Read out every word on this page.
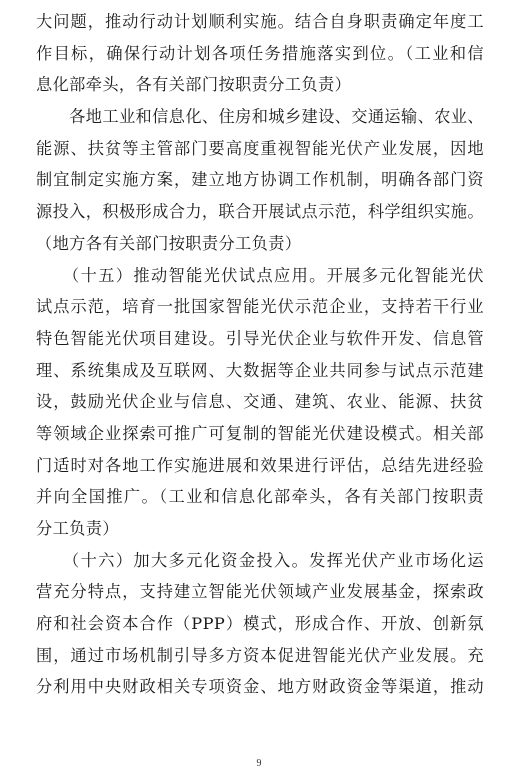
大问题，推动行动计划顺利实施。结合自身职责确定年度工
作目标，确保行动计划各项任务措施落实到位。（工业和信
息化部牵头，各有关部门按职责分工负责）
　　各地工业和信息化、住房和城乡建设、交通运输、农业、
能源、扶贫等主管部门要高度重视智能光伏产业发展，因地
制宜制定实施方案，建立地方协调工作机制，明确各部门资
源投入，积极形成合力，联合开展试点示范，科学组织实施。
（地方各有关部门按职责分工负责）
　　（十五）推动智能光伏试点应用。开展多元化智能光伏
试点示范，培育一批国家智能光伏示范企业，支持若干行业
特色智能光伏项目建设。引导光伏企业与软件开发、信息管
理、系统集成及互联网、大数据等企业共同参与试点示范建
设，鼓励光伏企业与信息、交通、建筑、农业、能源、扶贫
等领域企业探索可推广可复制的智能光伏建设模式。相关部
门适时对各地工作实施进展和效果进行评估，总结先进经验
并向全国推广。（工业和信息化部牵头，各有关部门按职责
分工负责）
　　（十六）加大多元化资金投入。发挥光伏产业市场化运
营充分特点，支持建立智能光伏领域产业发展基金，探索政
府和社会资本合作（PPP）模式，形成合作、开放、创新氛
围，通过市场机制引导多方资本促进智能光伏产业发展。充
分利用中央财政相关专项资金、地方财政资金等渠道，推动
9
